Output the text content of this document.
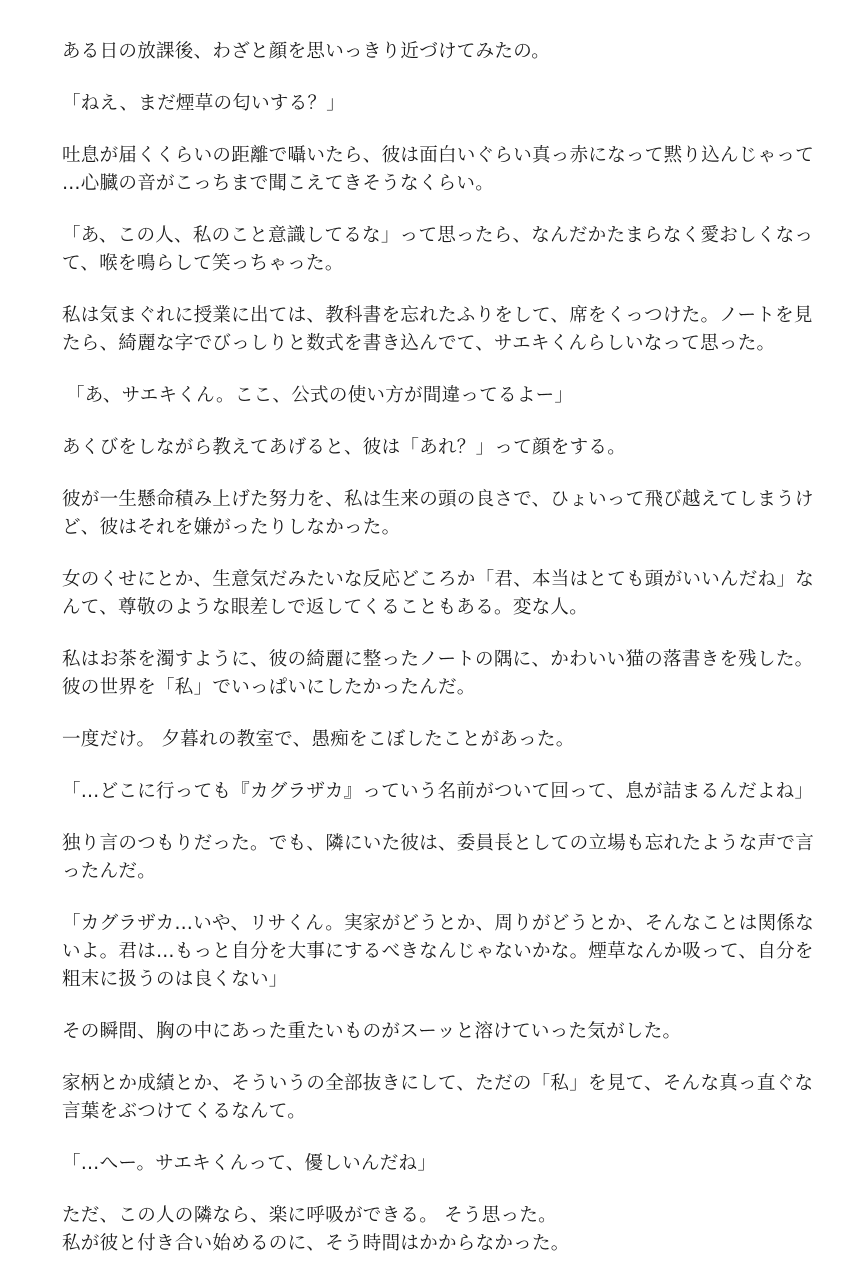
ある日の放課後、わざと顔を思いっきり近づけてみたの。
「ねえ、まだ煙草の匂いする？」
吐息が届くくらいの距離で囁いたら、彼は面白いぐらい真っ赤になって黙り込んじゃって
…心臓の音がこっちまで聞こえてきそうなくらい。
「あ、この人、私のこと意識してるな」って思ったら、なんだかたまらなく愛おしくなっ
て、喉を鳴らして笑っちゃった。
私は気まぐれに授業に出ては、教科書を忘れたふりをして、席をくっつけた。ノートを見
たら、綺麗な字でびっしりと数式を書き込んでて、サエキくんらしいなって思った。
「あ、サエキくん。ここ、公式の使い方が間違ってるよー」
あくびをしながら教えてあげると、彼は「あれ？」って顔をする。
彼が一生懸命積み上げた努力を、私は生来の頭の良さで、ひょいって飛び越えてしまうけ
ど、彼はそれを嫌がったりしなかった。
女のくせにとか、生意気だみたいな反応どころか「君、本当はとても頭がいいんだね」な
んて、尊敬のような眼差しで返してくることもある。変な人。
私はお茶を濁すように、彼の綺麗に整ったノートの隅に、かわいい猫の落書きを残した。
彼の世界を「私」でいっぱいにしたかったんだ。
一度だけ。 夕暮れの教室で、愚痴をこぼしたことがあった。
「…どこに行っても『カグラザカ』っていう名前がついて回って、息が詰まるんだよね」
独り言のつもりだった。でも、隣にいた彼は、委員長としての立場も忘れたような声で言
ったんだ。
「カグラザカ…いや、リサくん。実家がどうとか、周りがどうとか、そんなことは関係な
いよ。君は…もっと自分を大事にするべきなんじゃないかな。煙草なんか吸って、自分を
粗末に扱うのは良くない」
その瞬間、胸の中にあった重たいものがスーッと溶けていった気がした。
家柄とか成績とか、そういうの全部抜きにして、ただの「私」を見て、そんな真っ直ぐな
言葉をぶつけてくるなんて。
「…へー。サエキくんって、優しいんだね」
ただ、この人の隣なら、楽に呼吸ができる。 そう思った。
私が彼と付き合い始めるのに、そう時間はかからなかった。
